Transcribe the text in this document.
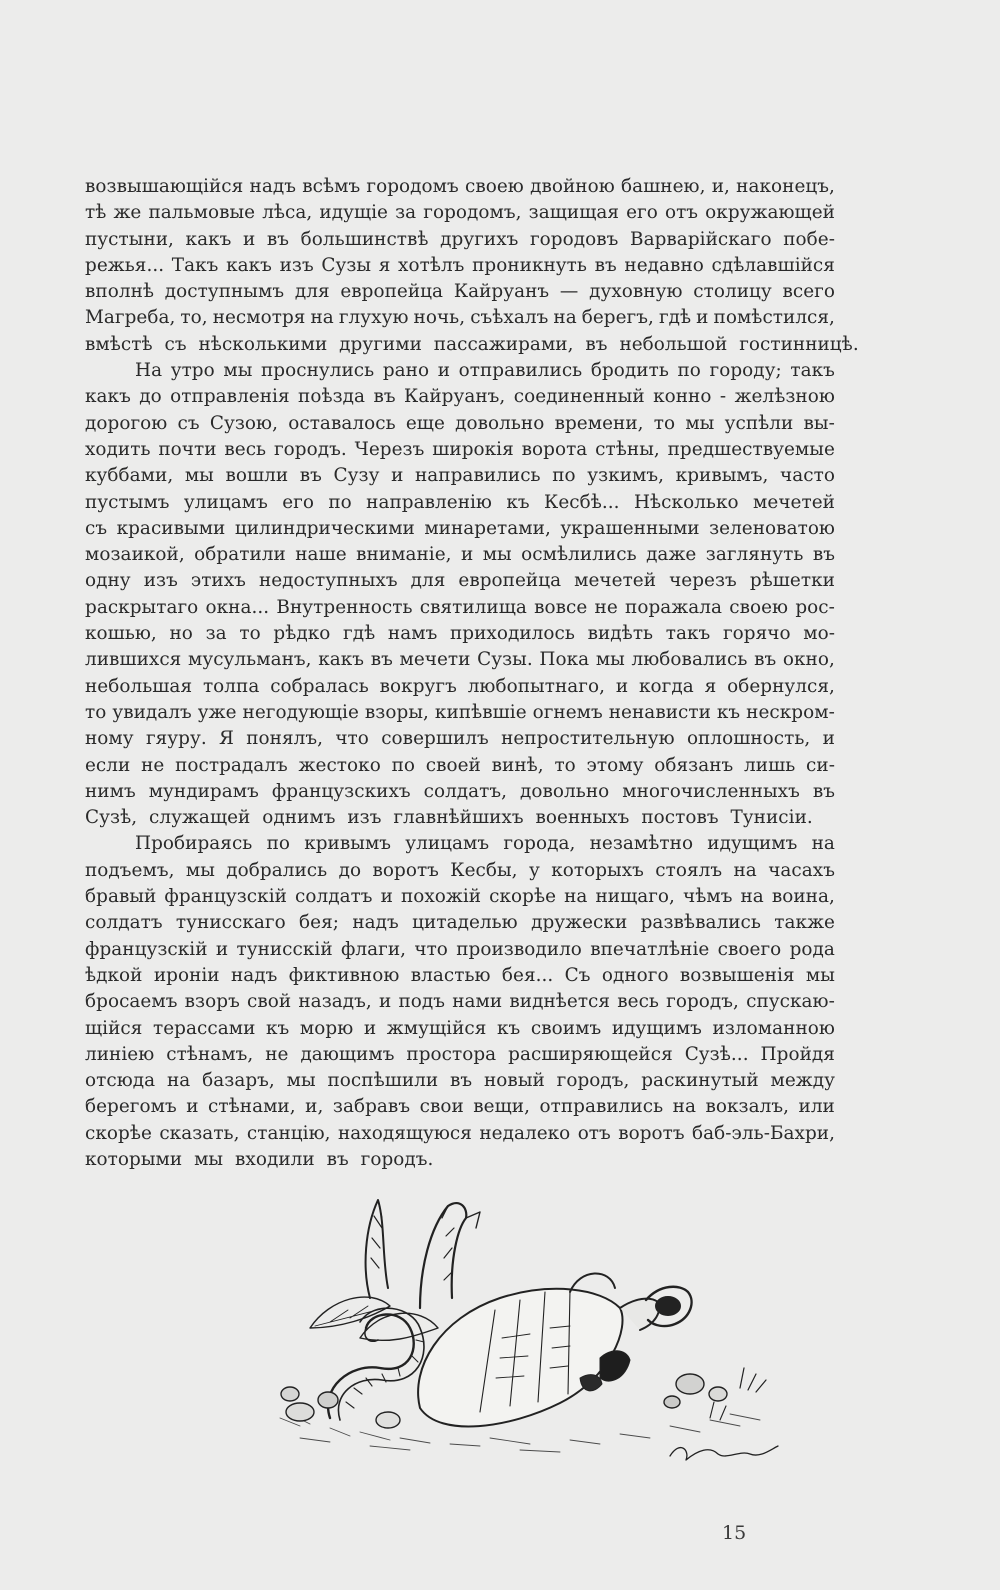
возвышающійся надъ всѣмъ городомъ своею двойною башнею, и, наконецъ,
тѣ же пальмовые лѣса, идущіе за городомъ, защищая его отъ окружающей
пустыни, какъ и въ большинствѣ другихъ городовъ Варварійскаго побе-
режья... Такъ какъ изъ Сузы я хотѣлъ проникнуть въ недавно сдѣлавшійся
вполнѣ доступнымъ для европейца Кайруанъ — духовную столицу всего
Магреба, то, несмотря на глухую ночь, съѣхалъ на берегъ, гдѣ и помѣстился,
вмѣстѣ съ нѣсколькими другими пассажирами, въ небольшой гостинницѣ.
На утро мы проснулись рано и отправились бродить по городу; такъ
какъ до отправленія поѣзда въ Кайруанъ, соединенный конно - желѣзною
дорогою съ Сузою, оставалось еще довольно времени, то мы успѣли вы-
ходить почти весь городъ. Черезъ широкія ворота стѣны, предшествуемые
куббами, мы вошли въ Сузу и направились по узкимъ, кривымъ, часто
пустымъ улицамъ его по направленію къ Кесбѣ... Нѣсколько мечетей
съ красивыми цилиндрическими минаретами, украшенными зеленоватою
мозаикой, обратили наше вниманіе, и мы осмѣлились даже заглянуть въ
одну изъ этихъ недоступныхъ для европейца мечетей черезъ рѣшетки
раскрытаго окна... Внутренность святилища вовсе не поражала своею рос-
кошью, но за то рѣдко гдѣ намъ приходилось видѣть такъ горячо мо-
лившихся мусульманъ, какъ въ мечети Сузы. Пока мы любовались въ окно,
небольшая толпа собралась вокругъ любопытнаго, и когда я обернулся,
то увидалъ уже негодующіе взоры, кипѣвшіе огнемъ ненависти къ нескром-
ному гяуру. Я понялъ, что совершилъ непростительную оплошность, и
если не пострадалъ жестоко по своей винѣ, то этому обязанъ лишь си-
нимъ мундирамъ французскихъ солдатъ, довольно многочисленныхъ въ
Сузѣ, служащей однимъ изъ главнѣйшихъ военныхъ постовъ Тунисіи.
Пробираясь по кривымъ улицамъ города, незамѣтно идущимъ на
подъемъ, мы добрались до воротъ Кесбы, у которыхъ стоялъ на часахъ
бравый французскій солдатъ и похожій скорѣе на нищаго, чѣмъ на воина,
солдатъ тунисскаго бея; надъ цитаделью дружески развѣвались также
французскій и тунисскій флаги, что производило впечатлѣніе своего рода
ѣдкой ироніи надъ фиктивною властью бея... Съ одного возвышенія мы
бросаемъ взоръ свой назадъ, и подъ нами виднѣется весь городъ, спускаю-
щійся терассами къ морю и жмущійся къ своимъ идущимъ изломанною
линіею стѣнамъ, не дающимъ простора расширяющейся Сузѣ... Пройдя
отсюда на базаръ, мы поспѣшили въ новый городъ, раскинутый между
берегомъ и стѣнами, и, забравъ свои вещи, отправились на вокзалъ, или
скорѣе сказать, станцію, находящуюся недалеко отъ воротъ баб-эль-Бахри,
которыми мы входили въ городъ.
15
